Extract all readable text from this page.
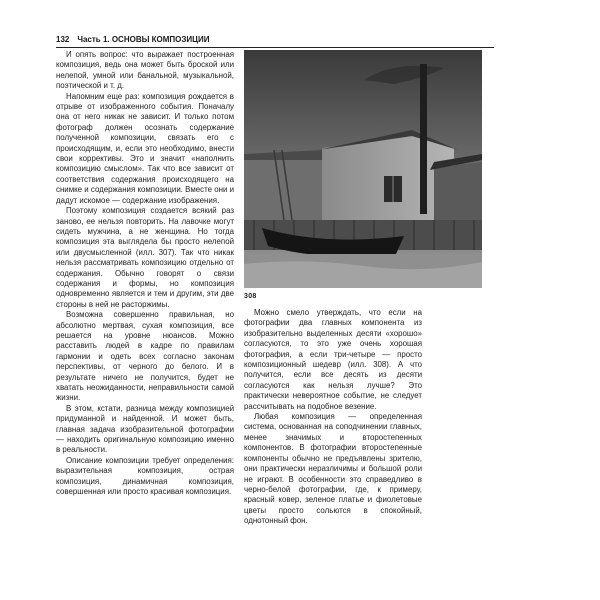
132 Часть 1. ОСНОВЫ КОМПОЗИЦИИ

И опять вопрос: что выражает построенная композиция, ведь она может быть броской или нелепой, умной или банальной, музыкальной, поэтической и т. д.

Напомним еще раз: композиция рождается в отрыве от изображенного события. Поначалу она от него никак не зависит. И только потом фотограф должен осознать содержание полученной композиции, связать его с происходящим, и, если это необходимо, внести свои коррективы. Это и значит «наполнить композицию смыслом». Так что все зависит от соответствия содержания происходящего на снимке и содержания композиции. Вместе они и дадут искомое — содержание изображения.

Поэтому композиция создается всякий раз заново, ее нельзя повторить. На лавочке могут сидеть мужчина, а не женщина. Но тогда композиция эта выглядела бы просто нелепой или двусмысленной (илл. 307). Так что никак нельзя рассматривать композицию отдельно от содержания. Обычно говорят о связи содержания и формы, но композиция одновременно является и тем и другим, эти две стороны в ней не расторжимы.

Возможна совершенно правильная, но абсолютно мертвая, сухая композиция, все решается на уровне нюансов. Можно расставить людей в кадре по правилам гармонии и одеть всех согласно законам перспективы, от черного до белого. И в результате ничего не получится, будет не хватать неожиданности, неправильности самой жизни.

В этом, кстати, разница между композицией придуманной и найденной. И может быть, главная задача изобразительной фотографии — находить оригинальную композицию именно в реальности.

Описание композиции требует определения: выразительная композиция, острая композиция, динамичная композиция, совершенная или просто красивая композиция.

308

Можно смело утверждать, что если на фотографии два главных компонента из изобразительно выделенных десяти «хорошо» согласуются, то это уже очень хорошая фотография, а если три-четыре — просто композиционный шедевр (илл. 308). А что получится, если все десять из десяти согласуются как нельзя лучше? Это практически невероятное событие, не следует рассчитывать на подобное везение.

Любая композиция — определенная система, основанная на соподчинении главных, менее значимых и второстепенных компонентов. В фотографии второстепенные компоненты обычно не предъявлены зрителю, они практически неразличимы и большой роли не играют. В особенности это справедливо в черно-белой фотографии, где, к примеру, красный ковер, зеленое платье и фиолетовые цветы просто сольются в спокойный, однотонный фон.
